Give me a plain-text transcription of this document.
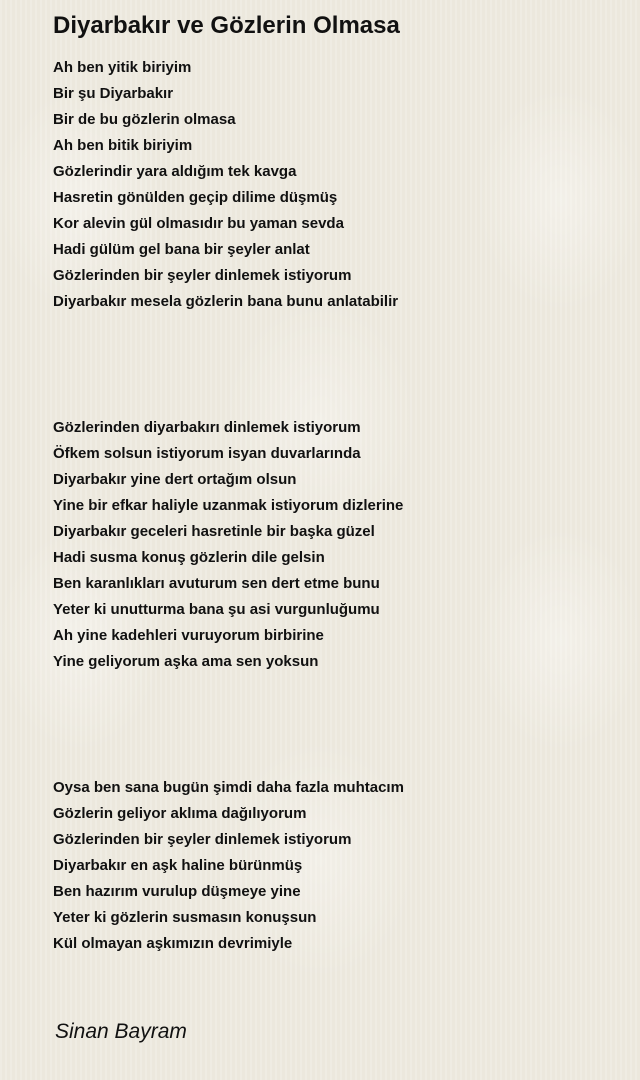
Diyarbakır ve Gözlerin Olmasa
Ah ben yitik biriyim
Bir şu Diyarbakır
Bir de bu gözlerin olmasa
Ah ben bitik biriyim
Gözlerindir yara aldığım tek kavga
Hasretin gönülden geçip dilime düşmüş
Kor alevin gül olmasıdır bu yaman sevda
Hadi gülüm gel bana bir şeyler anlat
Gözlerinden bir şeyler dinlemek istiyorum
Diyarbakır mesela gözlerin bana bunu anlatabilir
Gözlerinden diyarbakırı dinlemek istiyorum
Öfkem solsun istiyorum isyan duvarlarında
Diyarbakır yine dert ortağım olsun
Yine bir efkar haliyle uzanmak istiyorum dizlerine
Diyarbakır geceleri hasretinle bir başka güzel
Hadi susma konuş gözlerin dile gelsin
Ben karanlıkları avuturum sen dert etme bunu
Yeter ki unutturma bana şu asi vurgunluğumu
Ah yine kadehleri vuruyorum birbirine
Yine geliyorum aşka ama sen yoksun
Oysa ben sana bugün şimdi daha fazla muhtacım
Gözlerin geliyor aklıma dağılıyorum
Gözlerinden bir şeyler dinlemek istiyorum
Diyarbakır en aşk haline bürünmüş
Ben hazırım vurulup düşmeye yine
Yeter ki gözlerin susmasın konuşsun
Kül olmayan aşkımızın devrimiyle
Sinan Bayram
